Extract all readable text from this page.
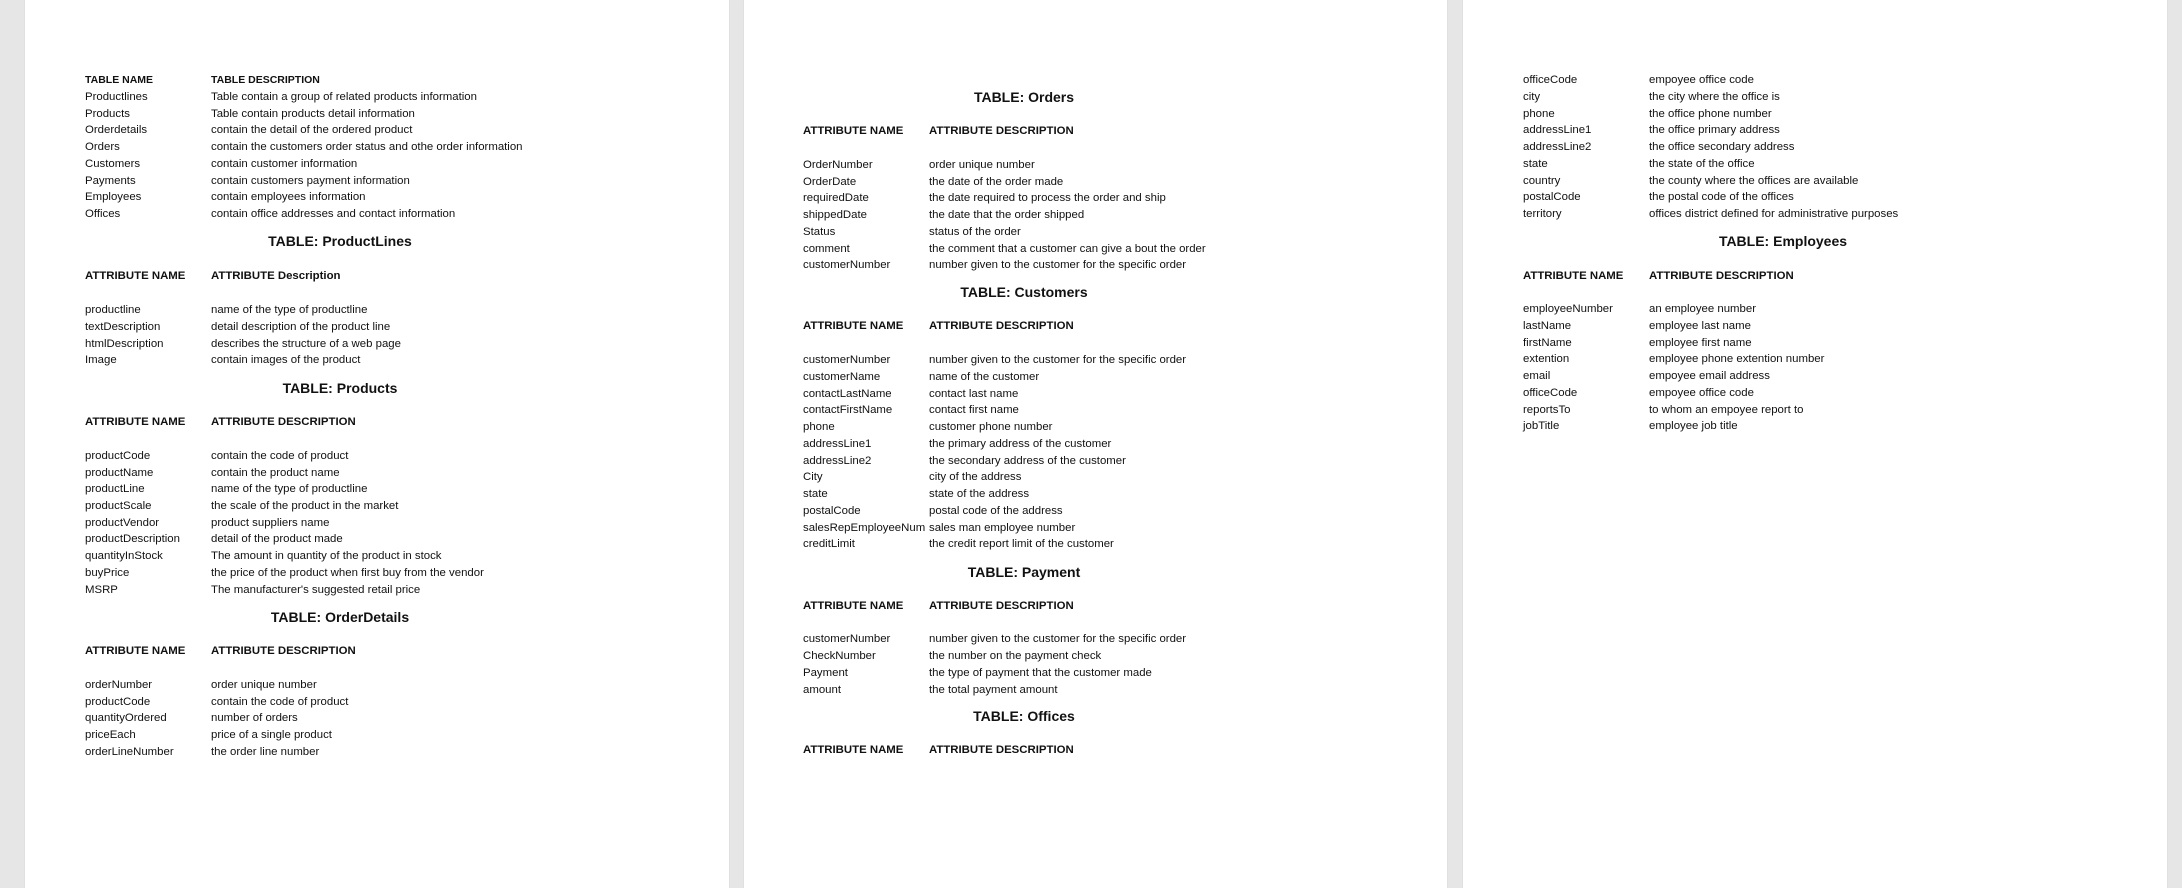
TABLE NAME	TABLE DESCRIPTION
Productlines	Table contain a group of related products information
Products	Table contain products detail information
Orderdetails	contain the detail of the ordered product
Orders	contain the customers order status and othe order information
Customers	contain customer information
Payments	contain customers payment information
Employees	contain employees information
Offices	contain office addresses and contact information
TABLE: ProductLines
ATTRIBUTE NAME ATTRIBUTE Description
productline	name of the type of productline
textDescription	detail description of the product line
htmlDescription	describes the structure of a web page
Image	contain images of the product
TABLE: Products
ATTRIBUTE NAME ATTRIBUTE DESCRIPTION
productCode	contain the code of product
productName	contain the product name
productLine	name of the type of productline
productScale	the scale of the product in the market
productVendor	product suppliers name
productDescription	detail of the product made
quantityInStock	The amount in quantity of the product in stock
buyPrice	the price of the product when first buy from the vendor
MSRP	The manufacturer's suggested retail price
TABLE: OrderDetails
ATTRIBUTE NAME ATTRIBUTE DESCRIPTION
orderNumber	order unique number
productCode	contain the code of product
quantityOrdered	number of orders
priceEach	price of a single product
orderLineNumber	the order line number
TABLE: Orders
ATTRIBUTE NAME ATTRIBUTE DESCRIPTION
OrderNumber	order unique number
OrderDate	the date of the order made
requiredDate	the date required to process the order and ship
shippedDate	the date that the order shipped
Status	status of the order
comment	the comment that a customer can give a bout the order
customerNumber	number given to the customer for the specific order
TABLE: Customers
ATTRIBUTE NAME ATTRIBUTE DESCRIPTION
customerNumber	number given to the customer for the specific order
customerName	name of the customer
contactLastName	contact last name
contactFirstName	contact first name
phone	customer phone number
addressLine1	the primary address of the customer
addressLine2	the secondary address of the customer
City	city of the address
state	state of the address
postalCode	postal code of the address
salesRepEmployeeNum sales man employee number
creditLimit	the credit report limit of the customer
TABLE: Payment
ATTRIBUTE NAME ATTRIBUTE DESCRIPTION
customerNumber	number given to the customer for the specific order
CheckNumber	the number on the payment check
Payment	the type of payment that the customer made
amount	the total payment amount
TABLE: Offices
ATTRIBUTE NAME ATTRIBUTE DESCRIPTION
officeCode	empoyee office code
city	the city where the office is
phone	the office phone number
addressLine1	the office primary address
addressLine2	the office secondary address
state	the state of the office
country	the county where the offices are available
postalCode	the postal code of the offices
territory	offices district defined for administrative purposes
TABLE: Employees
ATTRIBUTE NAME ATTRIBUTE DESCRIPTION
employeeNumber	an employee number
lastName	employee last name
firstName	employee first name
extention	employee phone extention number
email	empoyee email address
officeCode	empoyee office code
reportsTo	to whom an empoyee report to
jobTitle	employee job title
